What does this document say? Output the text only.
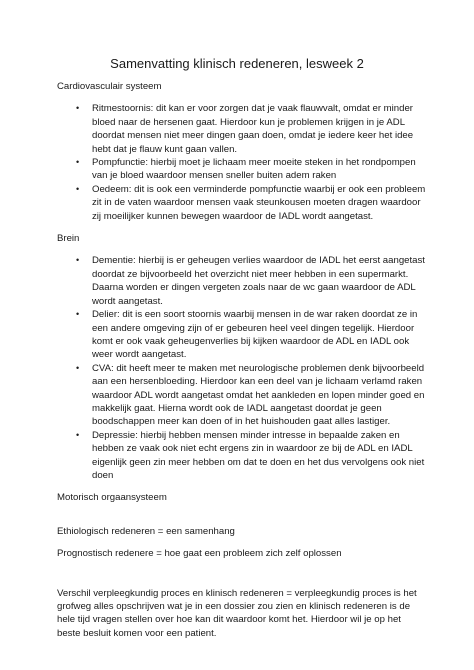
Samenvatting klinisch redeneren, lesweek 2

Cardiovasculair systeem

• Ritmestoornis: dit kan er voor zorgen dat je vaak flauwvalt, omdat er minder bloed naar de hersenen gaat. Hierdoor kun je problemen krijgen in je ADL doordat mensen niet meer dingen gaan doen, omdat je iedere keer het idee hebt dat je flauw kunt gaan vallen.
• Pompfunctie: hierbij moet je lichaam meer moeite steken in het rondpompen van je bloed waardoor mensen sneller buiten adem raken
• Oedeem: dit is ook een verminderde pompfunctie waarbij er ook een probleem zit in de vaten waardoor mensen vaak steunkousen moeten dragen waardoor zij moeilijker kunnen bewegen waardoor de IADL wordt aangetast.

Brein

• Dementie: hierbij is er geheugen verlies waardoor de IADL het eerst aangetast doordat ze bijvoorbeeld het overzicht niet meer hebben in een supermarkt. Daarna worden er dingen vergeten zoals naar de wc gaan waardoor de ADL wordt aangetast.
• Delier: dit is een soort stoornis waarbij mensen in de war raken doordat ze in een andere omgeving zijn of er gebeuren heel veel dingen tegelijk. Hierdoor komt er ook vaak geheugenverlies bij kijken waardoor de ADL en IADL ook weer wordt aangetast.
• CVA: dit heeft meer te maken met neurologische problemen denk bijvoorbeeld aan een hersenbloeding. Hierdoor kan een deel van je lichaam verlamd raken waardoor ADL wordt aangetast omdat het aankleden en lopen minder goed en makkelijk gaat. Hierna wordt ook de IADL aangetast doordat je geen boodschappen meer kan doen of in het huishouden gaat alles lastiger.
• Depressie: hierbij hebben mensen minder intresse in bepaalde zaken en hebben ze vaak ook niet echt ergens zin in waardoor ze bij de ADL en IADL eigenlijk geen zin meer hebben om dat te doen en het dus vervolgens ook niet doen

Motorisch orgaansysteem

Ethiologisch redeneren = een samenhang

Prognostisch redenere = hoe gaat een probleem zich zelf oplossen

Verschil verpleegkundig proces en klinisch redeneren = verpleegkundig proces is het grofweg alles opschrijven wat je in een dossier zou zien en klinisch redeneren is de hele tijd vragen stellen over hoe kan dit waardoor komt het. Hierdoor wil je op het beste besluit komen voor een patient.
